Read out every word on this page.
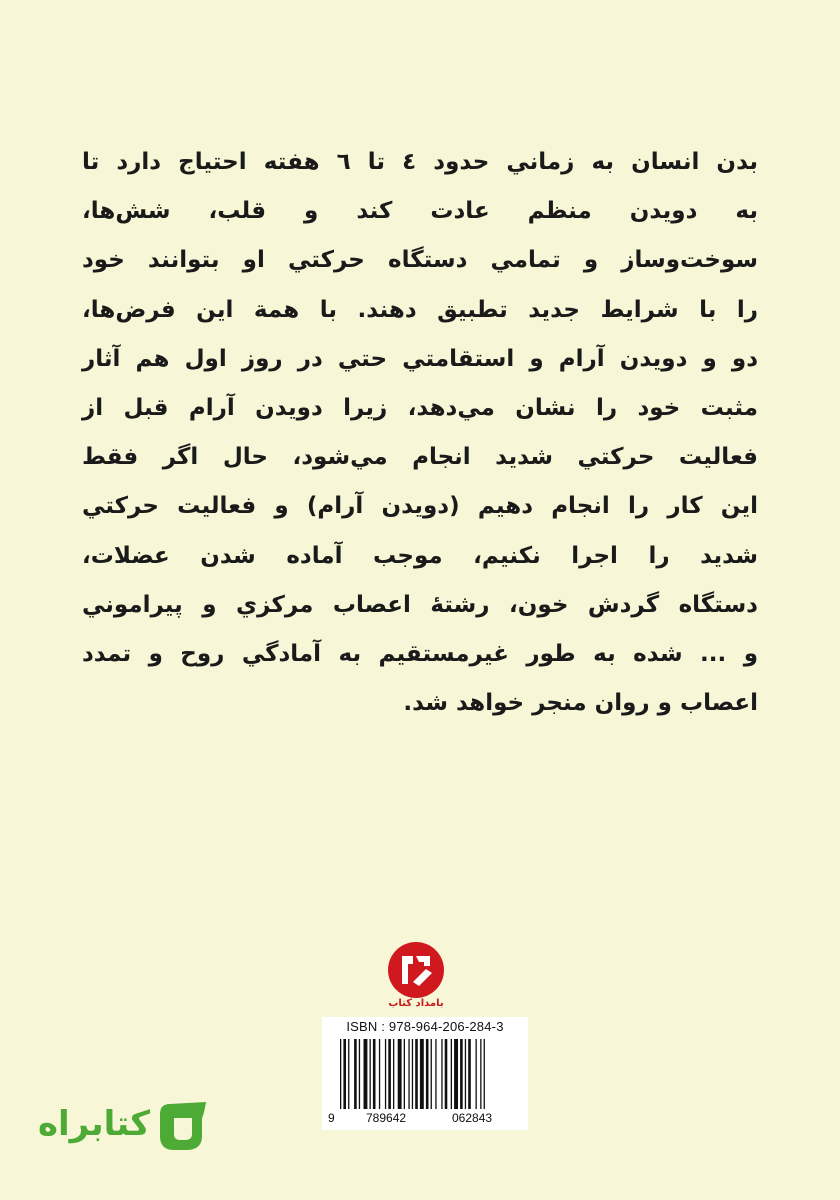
بدن انسان به زماني حدود ٤ تا ٦ هفته احتياج دارد تا
به دويدن منظم عادت كند و قلب، شش‌ها،
سوخت‌وساز و تمامي دستگاه حركتي او بتوانند خود
را با شرايط جديد تطبيق دهند. با همة اين فرض‌ها،
دو و دويدن آرام و استقامتي حتي در روز اول هم آثار
مثبت خود را نشان مي‌دهد، زيرا دويدن آرام قبل از
فعاليت حركتي شديد انجام مي‌شود، حال اگر فقط
اين كار را انجام دهيم (دويدن آرام) و فعاليت حركتي
شديد را اجرا نكنيم، موجب آماده شدن عضلات،
دستگاه گردش خون، رشتهٔ اعصاب مركزي و پيراموني
و ... شده به طور غيرمستقيم به آمادگي روح و تمدد
اعصاب و روان منجر خواهد شد.
بامداد کتاب
ISBN : 978-964-206-284-3
9	789642	062843
کتابراه
